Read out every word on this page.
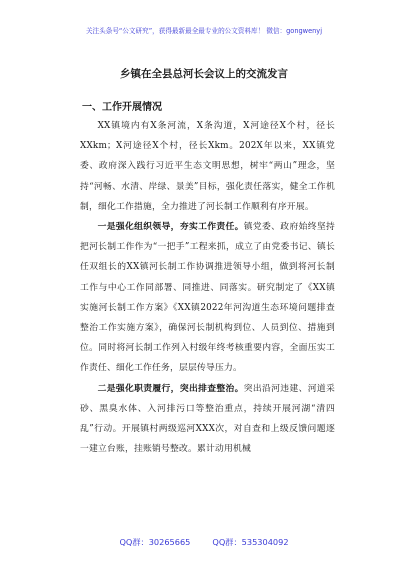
关注头条号“公文研究”，获得最新最全最专业的公文资料库！ 微信：gongwenyj
乡镇在全县总河长会议上的交流发言
一、工作开展情况

XX镇境内有X条河流，X条沟道，X河途径X个村，径长XXkm；X河途径X个村，径长Xkm。202X年以来，XX镇党委、政府深入践行习近平生态文明思想，树牢“两山”理念，坚持“河畅、水清、岸绿、景美”目标，强化责任落实，健全工作机制，细化工作措施，全力推进了河长制工作顺利有序开展。

一是强化组织领导，夯实工作责任。镇党委、政府始终坚持把河长制工作作为“一把手”工程来抓，成立了由党委书记、镇长任双组长的XX镇河长制工作协调推进领导小组，做到将河长制工作与中心工作同部署、同推进、同落实。研究制定了《XX镇实施河长制工作方案》《XX镇2022年河沟道生态环境问题排查整治工作实施方案》，确保河长制机构到位、人员到位、措施到位。同时将河长制工作列入村级年终考核重要内容，全面压实工作责任、细化工作任务，层层传导压力。

二是强化职责履行，突出排查整治。突出沿河违建、河道采砂、黑臭水体、入河排污口等整治重点，持续开展河湖“清四乱”行动。开展镇村两级巡河XXX次，对自查和上级反馈问题逐一建立台账，挂账销号整改。累计动用机械

QQ群：30265665	QQ群：535304092
